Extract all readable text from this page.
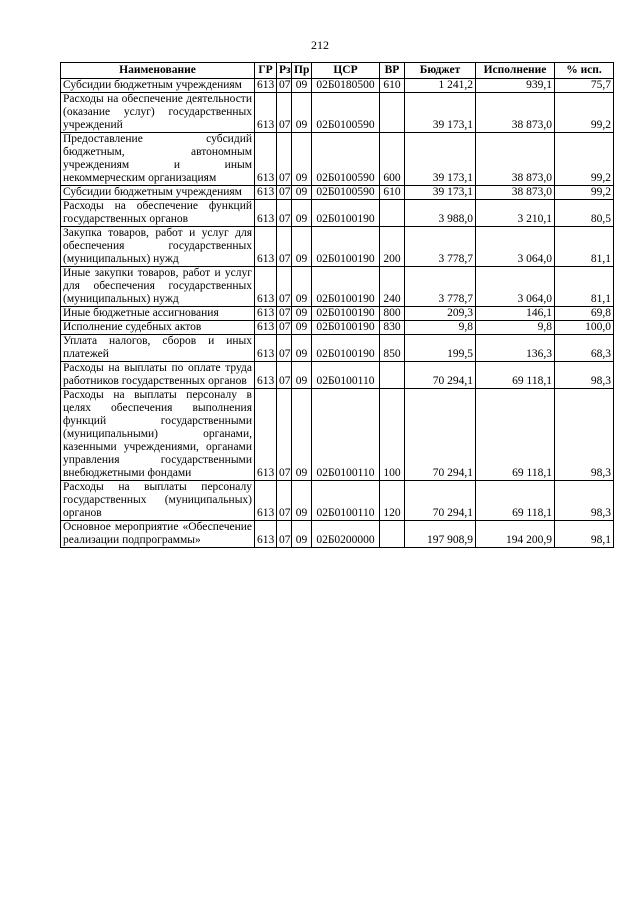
212
Наименование	ГР	Рз	Пр	ЦСР	ВР	Бюджет	Исполнение	% исп.
Субсидии бюджетным учреждениям	613	07	09	02Б0180500	610	1 241,2	939,1	75,7
Расходы на обеспечение деятельности (оказание услуг) государственных учреждений	613	07	09	02Б0100590		39 173,1	38 873,0	99,2
Предоставление субсидий бюджетным, автономным учреждениям и иным некоммерческим организациям	613	07	09	02Б0100590	600	39 173,1	38 873,0	99,2
Субсидии бюджетным учреждениям	613	07	09	02Б0100590	610	39 173,1	38 873,0	99,2
Расходы на обеспечение функций государственных органов	613	07	09	02Б0100190		3 988,0	3 210,1	80,5
Закупка товаров, работ и услуг для обеспечения государственных (муниципальных) нужд	613	07	09	02Б0100190	200	3 778,7	3 064,0	81,1
Иные закупки товаров, работ и услуг для обеспечения государственных (муниципальных) нужд	613	07	09	02Б0100190	240	3 778,7	3 064,0	81,1
Иные бюджетные ассигнования	613	07	09	02Б0100190	800	209,3	146,1	69,8
Исполнение судебных актов	613	07	09	02Б0100190	830	9,8	9,8	100,0
Уплата налогов, сборов и иных платежей	613	07	09	02Б0100190	850	199,5	136,3	68,3
Расходы на выплаты по оплате труда работников государственных органов	613	07	09	02Б0100110		70 294,1	69 118,1	98,3
Расходы на выплаты персоналу в целях обеспечения выполнения функций государственными (муниципальными) органами, казенными учреждениями, органами управления государственными внебюджетными фондами	613	07	09	02Б0100110	100	70 294,1	69 118,1	98,3
Расходы на выплаты персоналу государственных (муниципальных) органов	613	07	09	02Б0100110	120	70 294,1	69 118,1	98,3
Основное мероприятие «Обеспечение реализации подпрограммы»	613	07	09	02Б0200000		197 908,9	194 200,9	98,1
